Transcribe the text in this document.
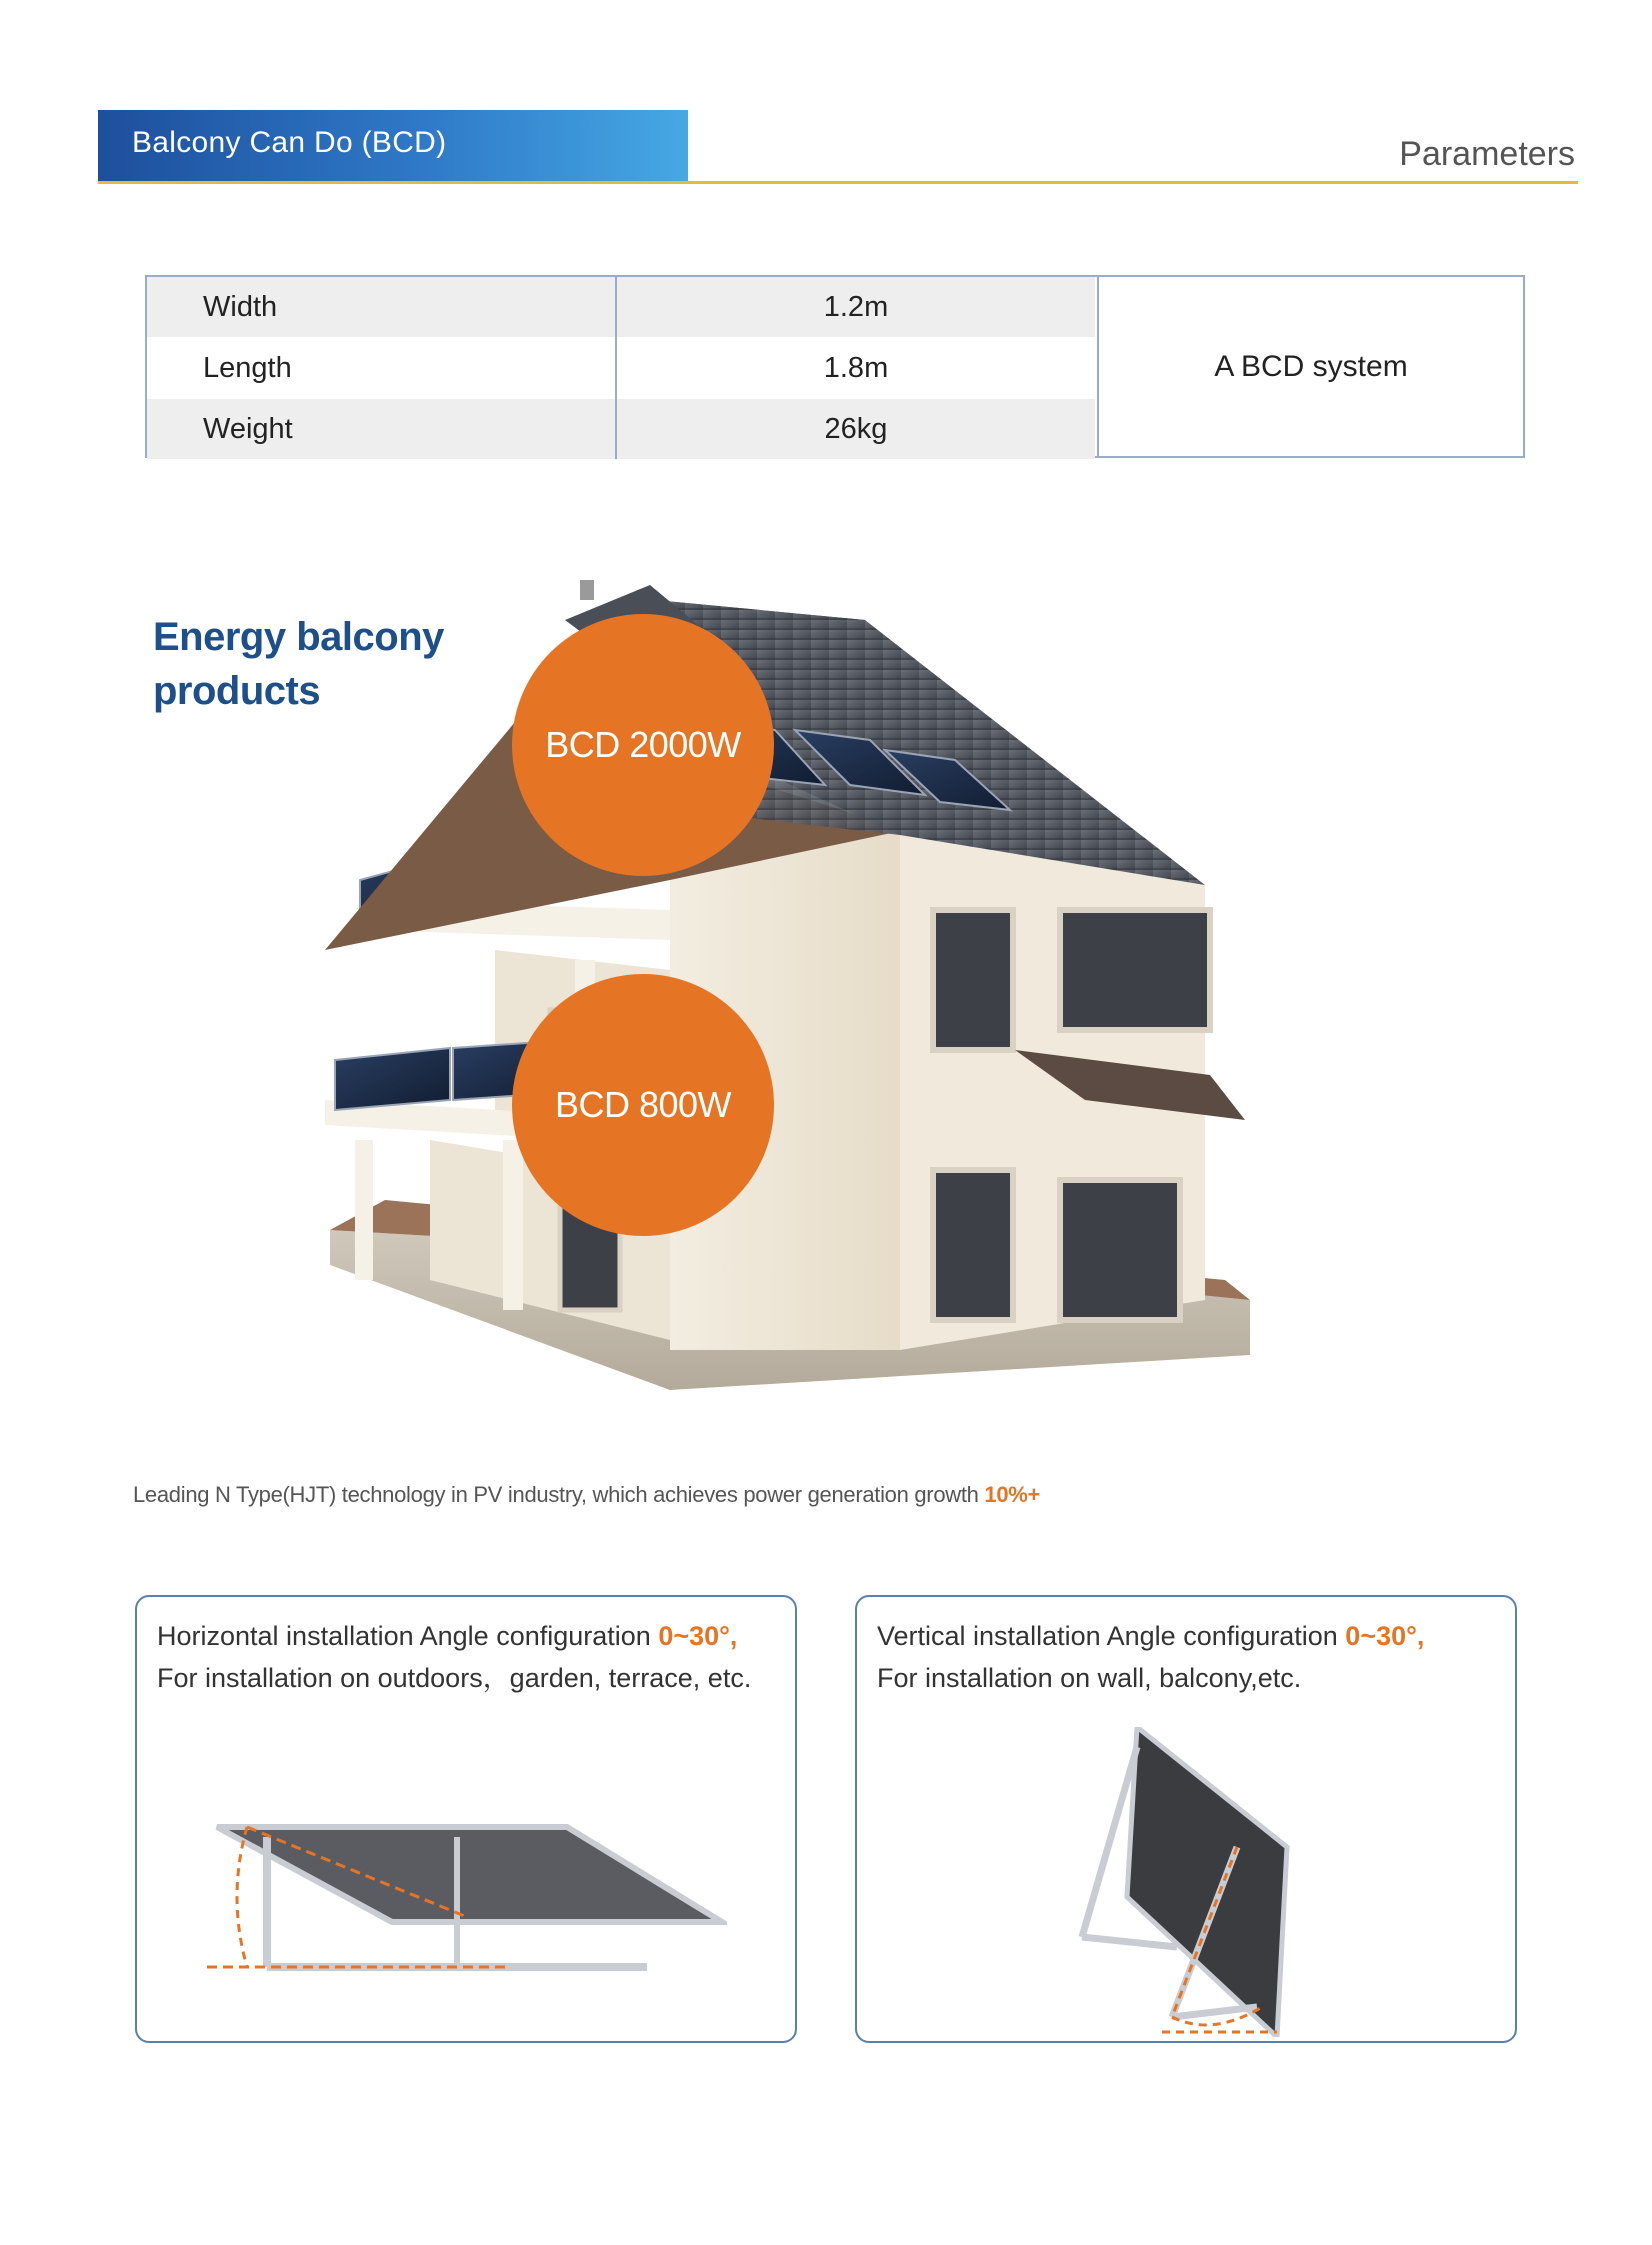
Balcony Can Do (BCD)	Parameters
Width	1.2m
Length	1.8m
Weight	26kg
A BCD system
Energy balcony
products
BCD 2000W
BCD 800W
Leading N Type(HJT) technology in PV industry, which achieves power generation growth 10%+
Horizontal installation Angle configuration 0~30°,
For installation on outdoors，garden, terrace, etc.
Vertical installation Angle configuration 0~30°,
For installation on wall, balcony,etc.
